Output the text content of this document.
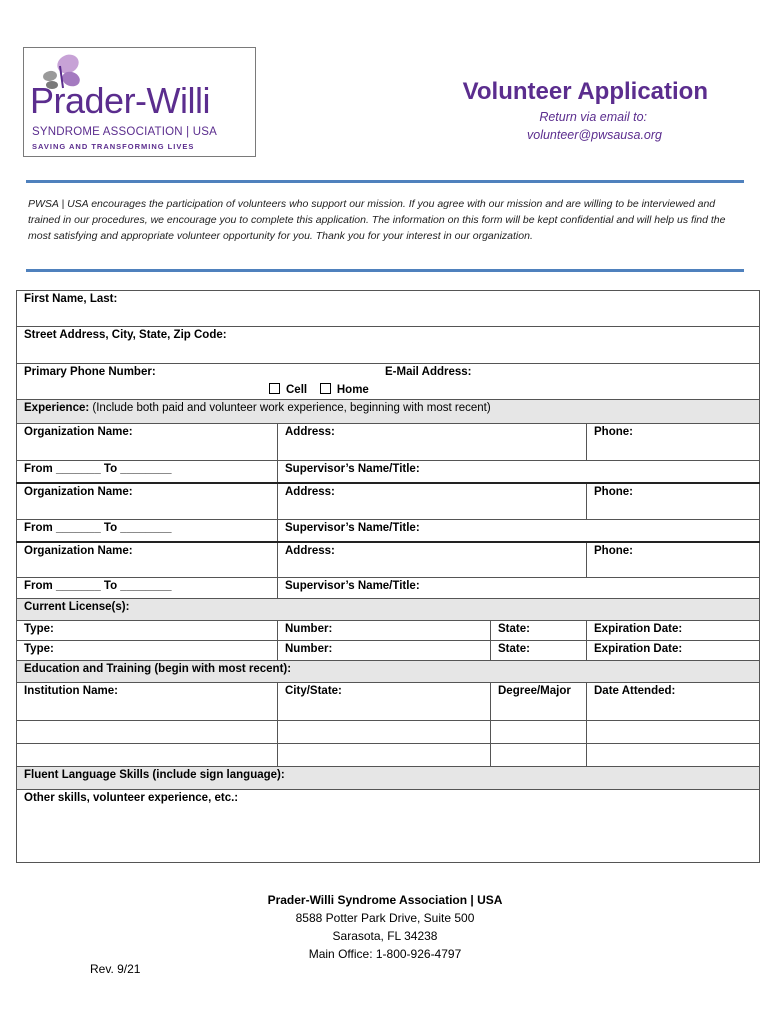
Prader-Willi
SYNDROME ASSOCIATION | USA
SAVING AND TRANSFORMING LIVES
Volunteer Application
Return via email to:
volunteer@pwsausa.org
PWSA | USA encourages the participation of volunteers who support our mission. If you agree with our mission and are willing to be interviewed and trained in our procedures, we encourage you to complete this application. The information on this form will be kept confidential and will help us find the most satisfying and appropriate volunteer opportunity for you. Thank you for your interest in our organization.
First Name, Last:			
Street Address, City, State, Zip Code:			
Primary Phone Number: E-Mail Address:
Cell Home			

Experience: (Include both paid and volunteer work experience, beginning with most recent)			
Organization Name:	Address:		Phone:
From _______ To ________	Supervisor’s Name/Title:		
Organization Name:	Address:		Phone:
From _______ To ________	Supervisor’s Name/Title:		
Organization Name:	Address:		Phone:
From _______ To ________	Supervisor’s Name/Title:		
Current License(s):			
Type:	Number:	State:	Expiration Date:
Type:	Number:	State:	Expiration Date:
Education and Training (begin with most recent):			
Institution Name:	City/State:	Degree/Major	Date Attended:

Fluent Language Skills (include sign language):			
Other skills, volunteer experience, etc.:			
Prader-Willi Syndrome Association | USA
8588 Potter Park Drive, Suite 500
Sarasota, FL 34238
Main Office: 1-800-926-4797
Rev. 9/21
